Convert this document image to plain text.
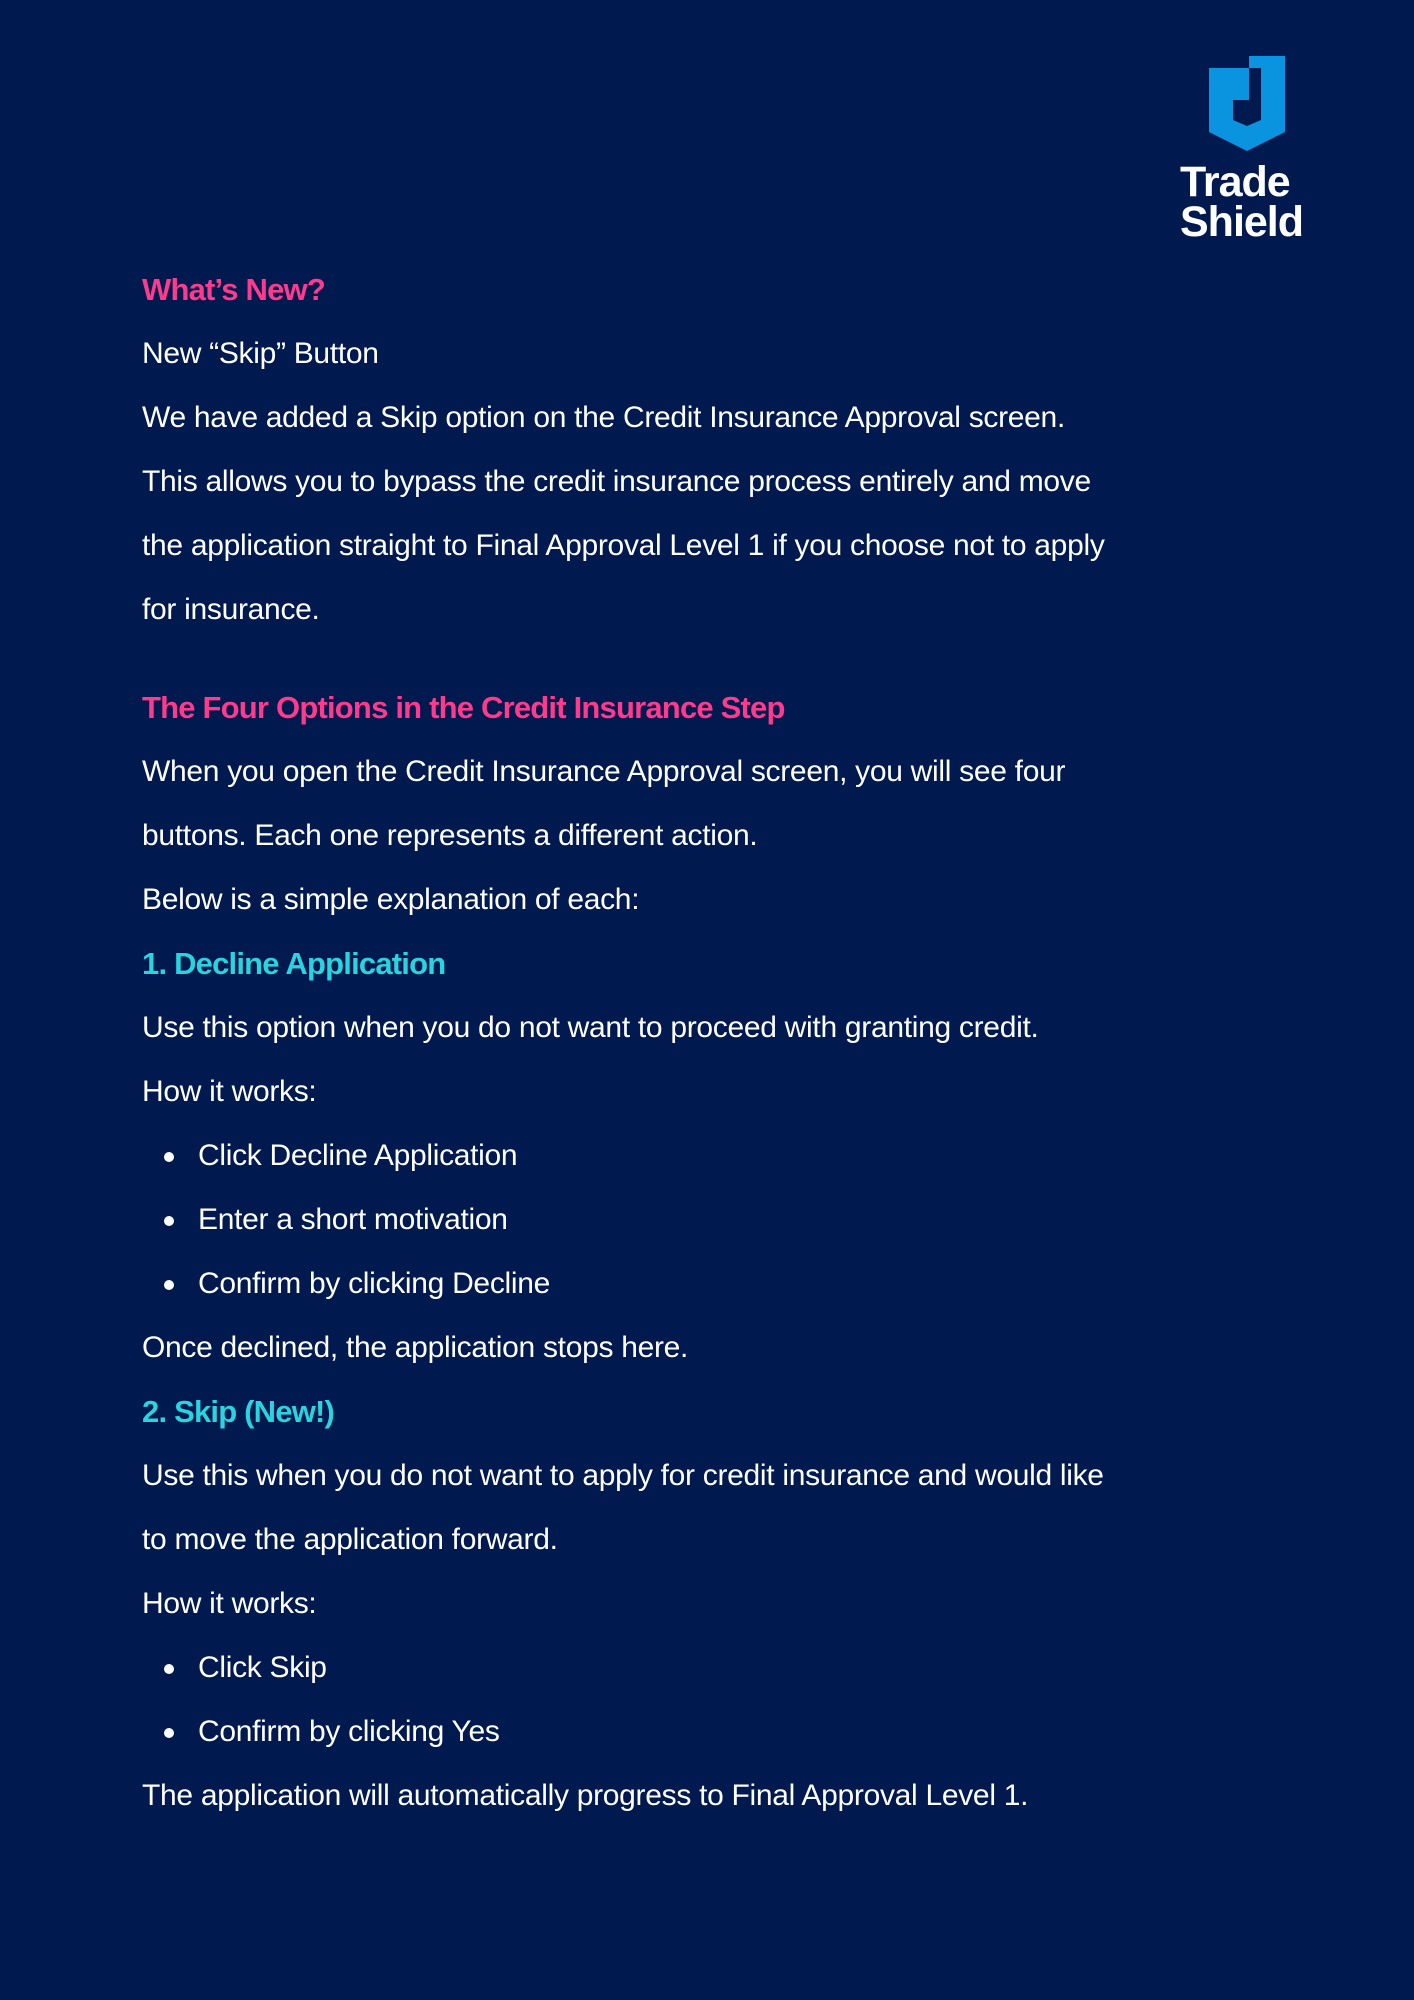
Trade
Shield
What’s New?
New “Skip” Button
We have added a Skip option on the Credit Insurance Approval screen.
This allows you to bypass the credit insurance process entirely and move
the application straight to Final Approval Level 1 if you choose not to apply
for insurance.
The Four Options in the Credit Insurance Step
When you open the Credit Insurance Approval screen, you will see four
buttons. Each one represents a different action.
Below is a simple explanation of each:
1. Decline Application
Use this option when you do not want to proceed with granting credit.
How it works:
Click Decline Application
Enter a short motivation
Confirm by clicking Decline
Once declined, the application stops here.
2. Skip (New!)
Use this when you do not want to apply for credit insurance and would like
to move the application forward.
How it works:
Click Skip
Confirm by clicking Yes
The application will automatically progress to Final Approval Level 1.
